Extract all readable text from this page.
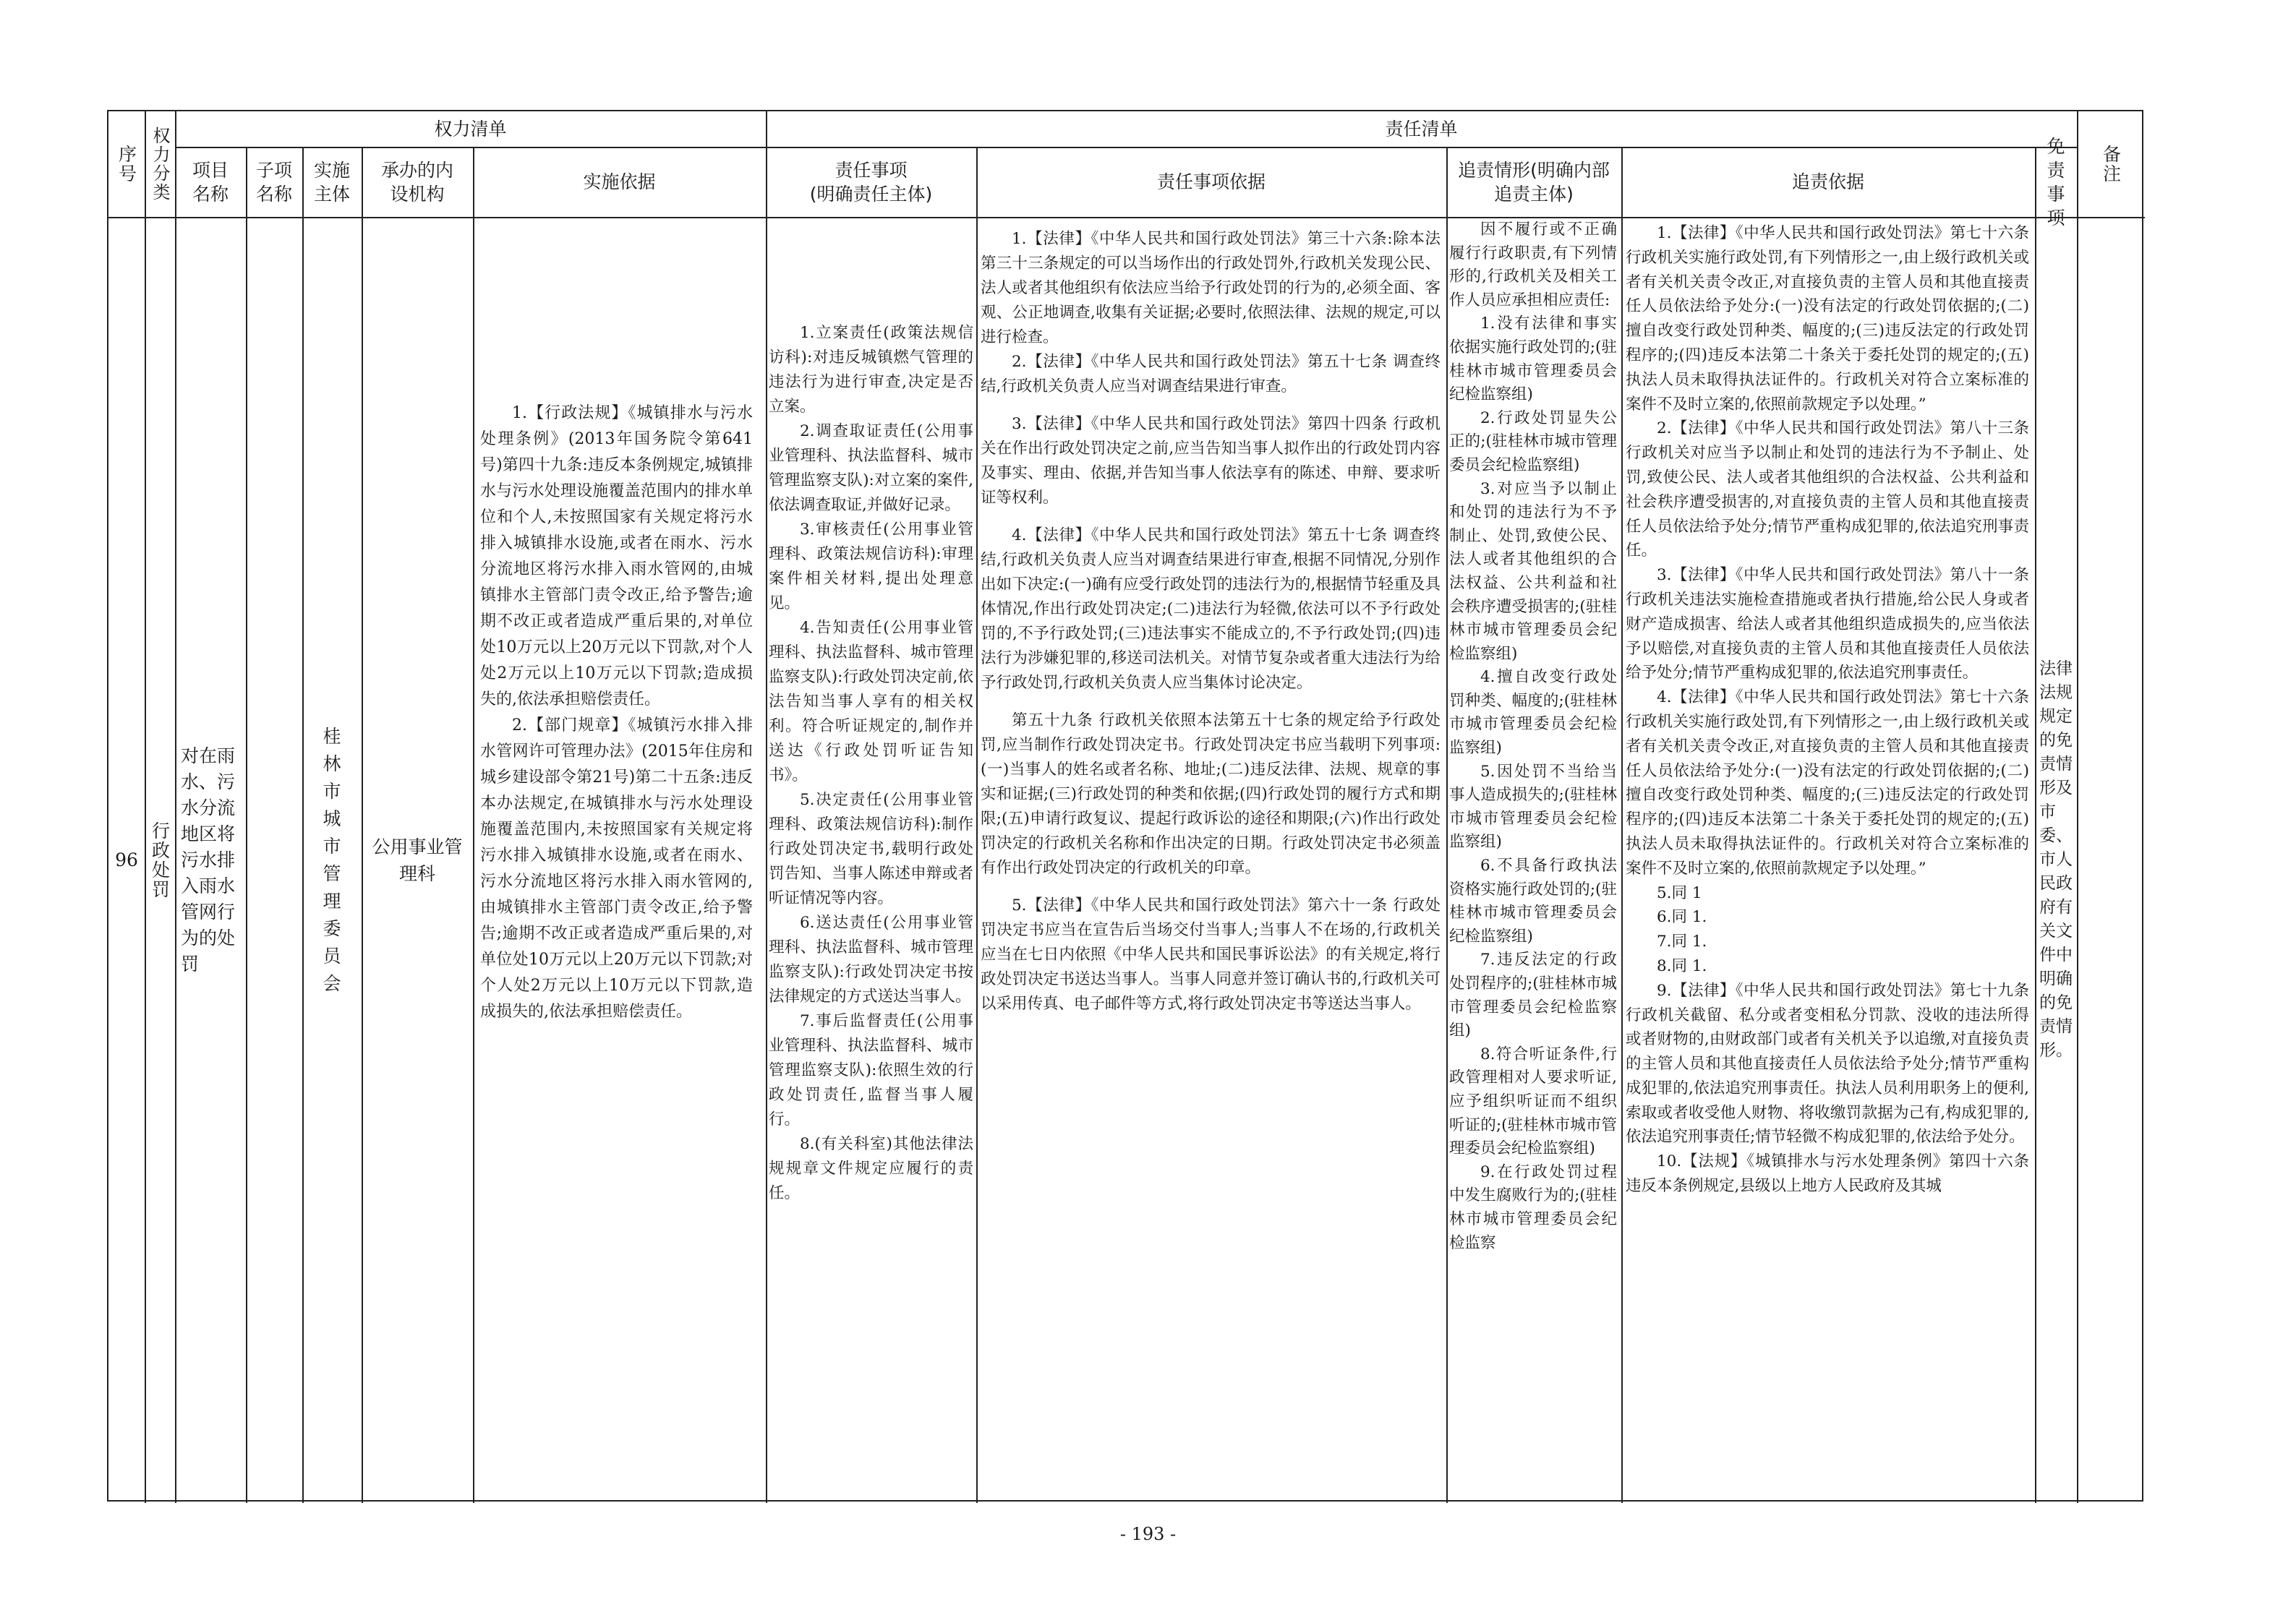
序号 权力分类	权力清单	责任清单
备注
项目名称
子项名称
实施主体
承办的内设机构
实施依据
责任事项
(明确责任主体)
责任事项依据
追责情形(明确内部追责主体)
追责依据
免责事项
96 行政处罚
对在雨水、污水分流地区将污水排入雨水管网行为的处罚
桂林市城市管理委员会
公用事业管理科

1.【行政法规】《城镇排水与污水处理条例》(2013年国务院令第641号)第四十九条:违反本条例规定,城镇排水与污水处理设施覆盖范围内的排水单位和个人,未按照国家有关规定将污水排入城镇排水设施,或者在雨水、污水分流地区将污水排入雨水管网的,由城镇排水主管部门责令改正,给予警告;逾期不改正或者造成严重后果的,对单位处10万元以上20万元以下罚款,对个人处2万元以上10万元以下罚款;造成损失的,依法承担赔偿责任。

2.【部门规章】《城镇污水排入排水管网许可管理办法》(2015年住房和城乡建设部令第21号)第二十五条:违反本办法规定,在城镇排水与污水处理设施覆盖范围内,未按照国家有关规定将污水排入城镇排水设施,或者在雨水、污水分流地区将污水排入雨水管网的,由城镇排水主管部门责令改正,给予警告;逾期不改正或者造成严重后果的,对单位处10万元以上20万元以下罚款;对个人处2万元以上10万元以下罚款,造成损失的,依法承担赔偿责任。

1.立案责任(政策法规信访科):对违反城镇燃气管理的违法行为进行审查,决定是否立案。

2.调查取证责任(公用事业管理科、执法监督科、城市管理监察支队):对立案的案件,依法调查取证,并做好记录。

3.审核责任(公用事业管理科、政策法规信访科):审理案件相关材料,提出处理意见。

4.告知责任(公用事业管理科、执法监督科、城市管理监察支队):行政处罚决定前,依法告知当事人享有的相关权利。符合听证规定的,制作并送达《行政处罚听证告知书》。

5.决定责任(公用事业管理科、政策法规信访科):制作行政处罚决定书,载明行政处罚告知、当事人陈述申辩或者听证情况等内容。

6.送达责任(公用事业管理科、执法监督科、城市管理监察支队):行政处罚决定书按法律规定的方式送达当事人。

7.事后监督责任(公用事业管理科、执法监督科、城市管理监察支队):依照生效的行政处罚责任,监督当事人履行。

8.(有关科室)其他法律法规规章文件规定应履行的责任。

1.【法律】《中华人民共和国行政处罚法》第三十六条:除本法第三十三条规定的可以当场作出的行政处罚外,行政机关发现公民、法人或者其他组织有依法应当给予行政处罚的行为的,必须全面、客观、公正地调查,收集有关证据;必要时,依照法律、法规的规定,可以进行检查。

2.【法律】《中华人民共和国行政处罚法》第五十七条 调查终结,行政机关负责人应当对调查结果进行审查。

3.【法律】《中华人民共和国行政处罚法》第四十四条 行政机关在作出行政处罚决定之前,应当告知当事人拟作出的行政处罚内容及事实、理由、依据,并告知当事人依法享有的陈述、申辩、要求听证等权利。

4.【法律】《中华人民共和国行政处罚法》第五十七条 调查终结,行政机关负责人应当对调查结果进行审查,根据不同情况,分别作出如下决定:(一)确有应受行政处罚的违法行为的,根据情节轻重及具体情况,作出行政处罚决定;(二)违法行为轻微,依法可以不予行政处罚的,不予行政处罚;(三)违法事实不能成立的,不予行政处罚;(四)违法行为涉嫌犯罪的,移送司法机关。对情节复杂或者重大违法行为给予行政处罚,行政机关负责人应当集体讨论决定。

第五十九条 行政机关依照本法第五十七条的规定给予行政处罚,应当制作行政处罚决定书。行政处罚决定书应当载明下列事项:(一)当事人的姓名或者名称、地址;(二)违反法律、法规、规章的事实和证据;(三)行政处罚的种类和依据;(四)行政处罚的履行方式和期限;(五)申请行政复议、提起行政诉讼的途径和期限;(六)作出行政处罚决定的行政机关名称和作出决定的日期。行政处罚决定书必须盖有作出行政处罚决定的行政机关的印章。

5.【法律】《中华人民共和国行政处罚法》第六十一条 行政处罚决定书应当在宣告后当场交付当事人;当事人不在场的,行政机关应当在七日内依照《中华人民共和国民事诉讼法》的有关规定,将行政处罚决定书送达当事人。当事人同意并签订确认书的,行政机关可以采用传真、电子邮件等方式,将行政处罚决定书等送达当事人。

因不履行或不正确履行行政职责,有下列情形的,行政机关及相关工作人员应承担相应责任:

1.没有法律和事实依据实施行政处罚的;(驻桂林市城市管理委员会纪检监察组)

2.行政处罚显失公正的;(驻桂林市城市管理委员会纪检监察组)

3.对应当予以制止和处罚的违法行为不予制止、处罚,致使公民、法人或者其他组织的合法权益、公共利益和社会秩序遭受损害的;(驻桂林市城市管理委员会纪检监察组)

4.擅自改变行政处罚种类、幅度的;(驻桂林市城市管理委员会纪检监察组)

5.因处罚不当给当事人造成损失的;(驻桂林市城市管理委员会纪检监察组)

6.不具备行政执法资格实施行政处罚的;(驻桂林市城市管理委员会纪检监察组)

7.违反法定的行政处罚程序的;(驻桂林市城市管理委员会纪检监察组)

8.符合听证条件,行政管理相对人要求听证,应予组织听证而不组织听证的;(驻桂林市城市管理委员会纪检监察组)

9.在行政处罚过程中发生腐败行为的;(驻桂林市城市管理委员会纪检监察

1.【法律】《中华人民共和国行政处罚法》第七十六条 行政机关实施行政处罚,有下列情形之一,由上级行政机关或者有关机关责令改正,对直接负责的主管人员和其他直接责任人员依法给予处分:(一)没有法定的行政处罚依据的;(二)擅自改变行政处罚种类、幅度的;(三)违反法定的行政处罚程序的;(四)违反本法第二十条关于委托处罚的规定的;(五)执法人员未取得执法证件的。行政机关对符合立案标准的案件不及时立案的,依照前款规定予以处理。”

2.【法律】《中华人民共和国行政处罚法》第八十三条 行政机关对应当予以制止和处罚的违法行为不予制止、处罚,致使公民、法人或者其他组织的合法权益、公共利益和社会秩序遭受损害的,对直接负责的主管人员和其他直接责任人员依法给予处分;情节严重构成犯罪的,依法追究刑事责任。

3.【法律】《中华人民共和国行政处罚法》第八十一条 行政机关违法实施检查措施或者执行措施,给公民人身或者财产造成损害、给法人或者其他组织造成损失的,应当依法予以赔偿,对直接负责的主管人员和其他直接责任人员依法给予处分;情节严重构成犯罪的,依法追究刑事责任。

4.【法律】《中华人民共和国行政处罚法》第七十六条 行政机关实施行政处罚,有下列情形之一,由上级行政机关或者有关机关责令改正,对直接负责的主管人员和其他直接责任人员依法给予处分:(一)没有法定的行政处罚依据的;(二)擅自改变行政处罚种类、幅度的;(三)违反法定的行政处罚程序的;(四)违反本法第二十条关于委托处罚的规定的;(五)执法人员未取得执法证件的。行政机关对符合立案标准的案件不及时立案的,依照前款规定予以处理。”

5.同 1

6.同 1.

7.同 1.

8.同 1.

9.【法律】《中华人民共和国行政处罚法》第七十九条 行政机关截留、私分或者变相私分罚款、没收的违法所得或者财物的,由财政部门或者有关机关予以追缴,对直接负责的主管人员和其他直接责任人员依法给予处分;情节严重构成犯罪的,依法追究刑事责任。执法人员利用职务上的便利,索取或者收受他人财物、将收缴罚款据为己有,构成犯罪的,依法追究刑事责任;情节轻微不构成犯罪的,依法给予处分。

10.【法规】《城镇排水与污水处理条例》第四十六条 违反本条例规定,县级以上地方人民政府及其城

法律法规规定的免责情形及市委、市人民政府有关文件中明确的免责情形。
- 193 -
